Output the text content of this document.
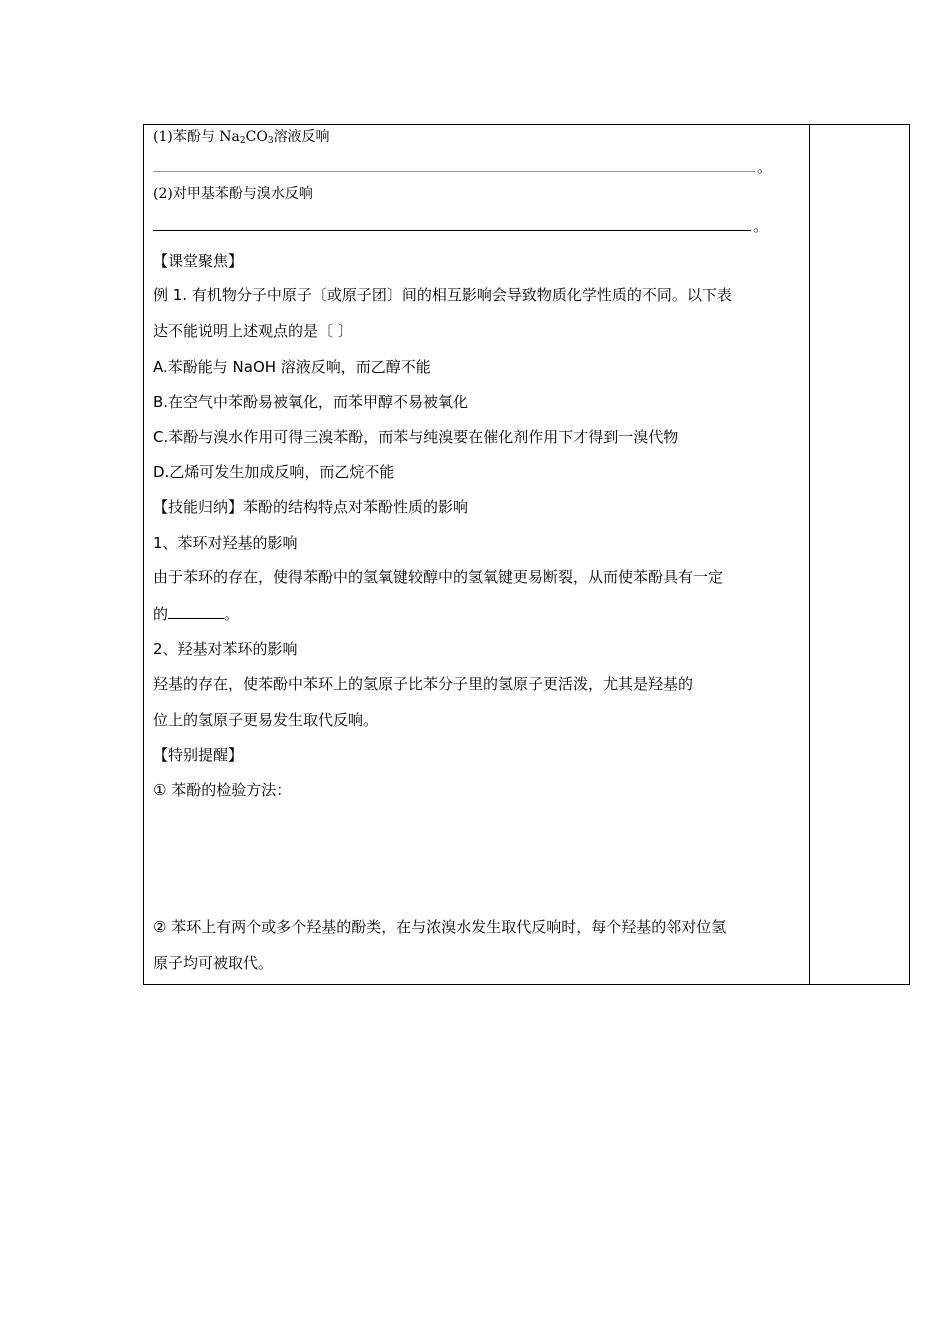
(1)苯酚与 $Na_2CO_3$溶液反响
。
(2)对甲基苯酚与溴水反响
。
【课堂聚焦】
例 1. 有机物分子中原子〔或原子团〕间的相互影响会导致物质化学性质的不同。以下表
达不能说明上述观点的是〔 〕
A.苯酚能与 NaOH 溶液反响，而乙醇不能
B.在空气中苯酚易被氧化，而苯甲醇不易被氧化
C.苯酚与溴水作用可得三溴苯酚，而苯与纯溴要在催化剂作用下才得到一溴代物
D.乙烯可发生加成反响，而乙烷不能
【技能归纳】苯酚的结构特点对苯酚性质的影响
1、苯环对羟基的影响
由于苯环的存在，使得苯酚中的氢氧键较醇中的氢氧键更易断裂，从而使苯酚具有一定
的	。
2、羟基对苯环的影响
羟基的存在，使苯酚中苯环上的氢原子比苯分子里的氢原子更活泼，尤其是羟基的
位上的氢原子更易发生取代反响。
【特别提醒】
① 苯酚的检验方法：
② 苯环上有两个或多个羟基的酚类，在与浓溴水发生取代反响时，每个羟基的邻对位氢
原子均可被取代。
